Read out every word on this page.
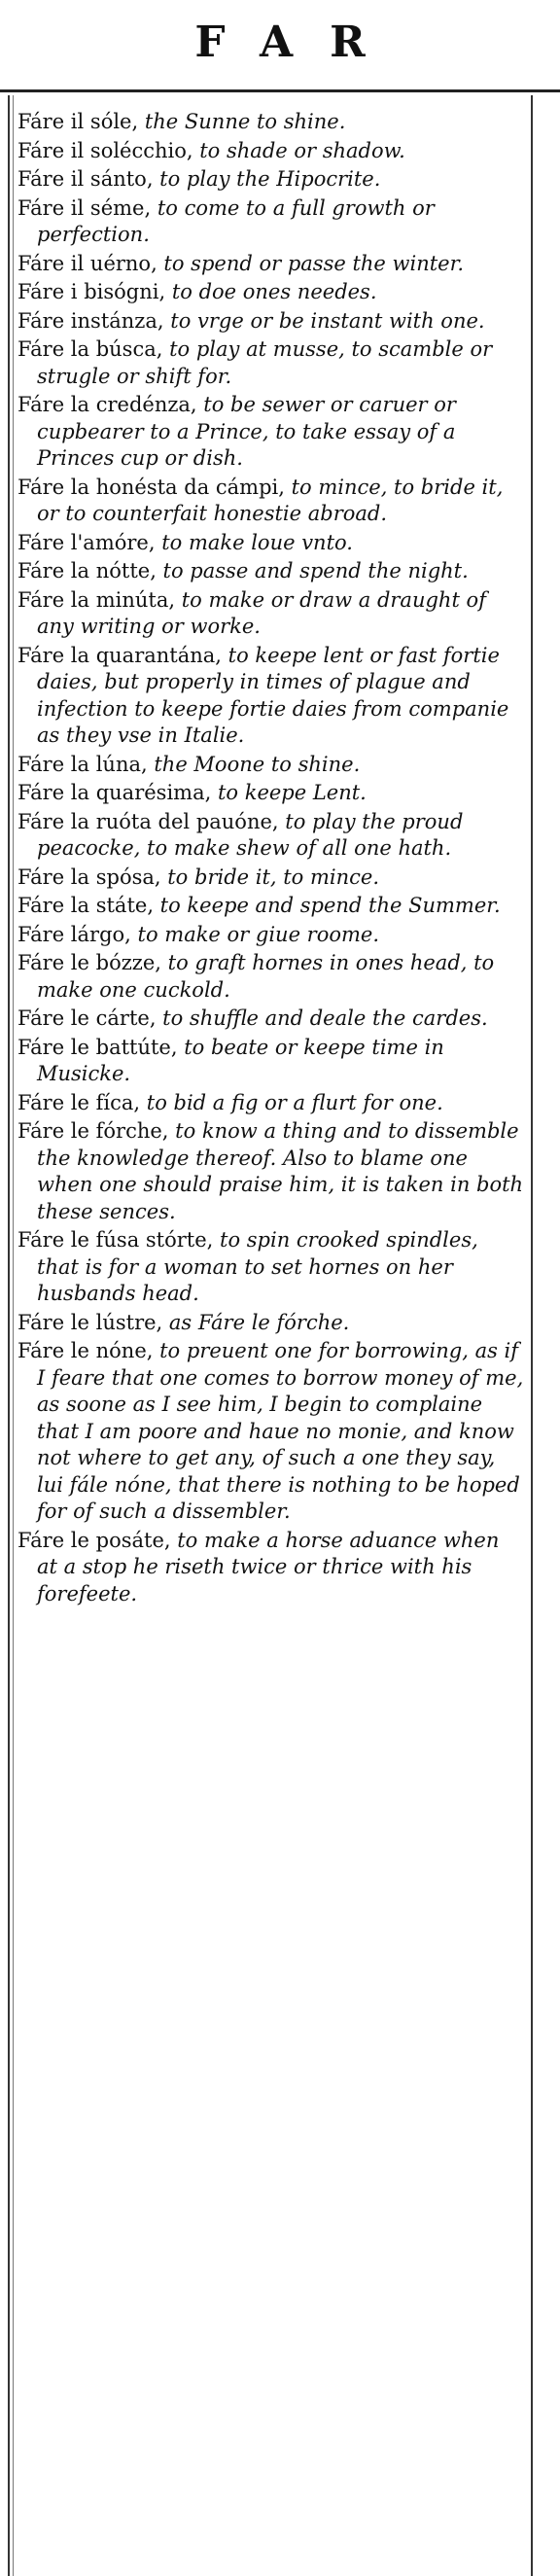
FAR

Fáre il sóle, the Sunne to shine.

Fáre il solécchio, to shade or shadow.

Fáre il sánto, to play the Hipocrite.

Fáre il séme, to come to a full growth or perfection.

Fáre il uérno, to spend or passe the winter.

Fáre i bisógni, to doe ones needes.

Fáre instánza, to vrge or be instant with one.

Fáre la búsca, to play at musse, to scamble or strugle or shift for.

Fáre la credénza, to be sewer or caruer or cupbearer to a Prince, to take essay of a Princes cup or dish.

Fáre la honésta da cámpi, to mince, to bride it, or to counterfait honestie abroad.

Fáre l'amóre, to make loue vnto.

Fáre la nótte, to passe and spend the night.

Fáre la minúta, to make or draw a draught of any writing or worke.

Fáre la quarantána, to keepe lent or fast fortie daies, but properly in times of plague and infection to keepe fortie daies from companie as they vse in Italie.

Fáre la lúna, the Moone to shine.

Fáre la quarésima, to keepe Lent.

Fáre la ruóta del pauóne, to play the proud peacocke, to make shew of all one hath.

Fáre la spósa, to bride it, to mince.

Fáre la státe, to keepe and spend the Summer.

Fáre lárgo, to make or giue roome.

Fáre le bózze, to graft hornes in ones head, to make one cuckold.

Fáre le cárte, to shuffle and deale the cardes.

Fáre le battúte, to beate or keepe time in Musicke.

Fáre le fíca, to bid a fig or a flurt for one.

Fáre le fórche, to know a thing and to dissemble the knowledge thereof. Also to blame one when one should praise him, it is taken in both these sences.

Fáre le fúsa stórte, to spin crooked spindles, that is for a woman to set hornes on her husbands head.

Fáre le lústre, as Fáre le fórche.

Fáre le nóne, to preuent one for borrowing, as if I feare that one comes to borrow money of me, as soone as I see him, I begin to complaine that I am poore and haue no monie, and know not where to get any, of such a one they say, lui fále nóne, that there is nothing to be hoped for of such a dissembler.

Fáre le posáte, to make a horse aduance when at a stop he riseth twice or thrice with his forefeete.
